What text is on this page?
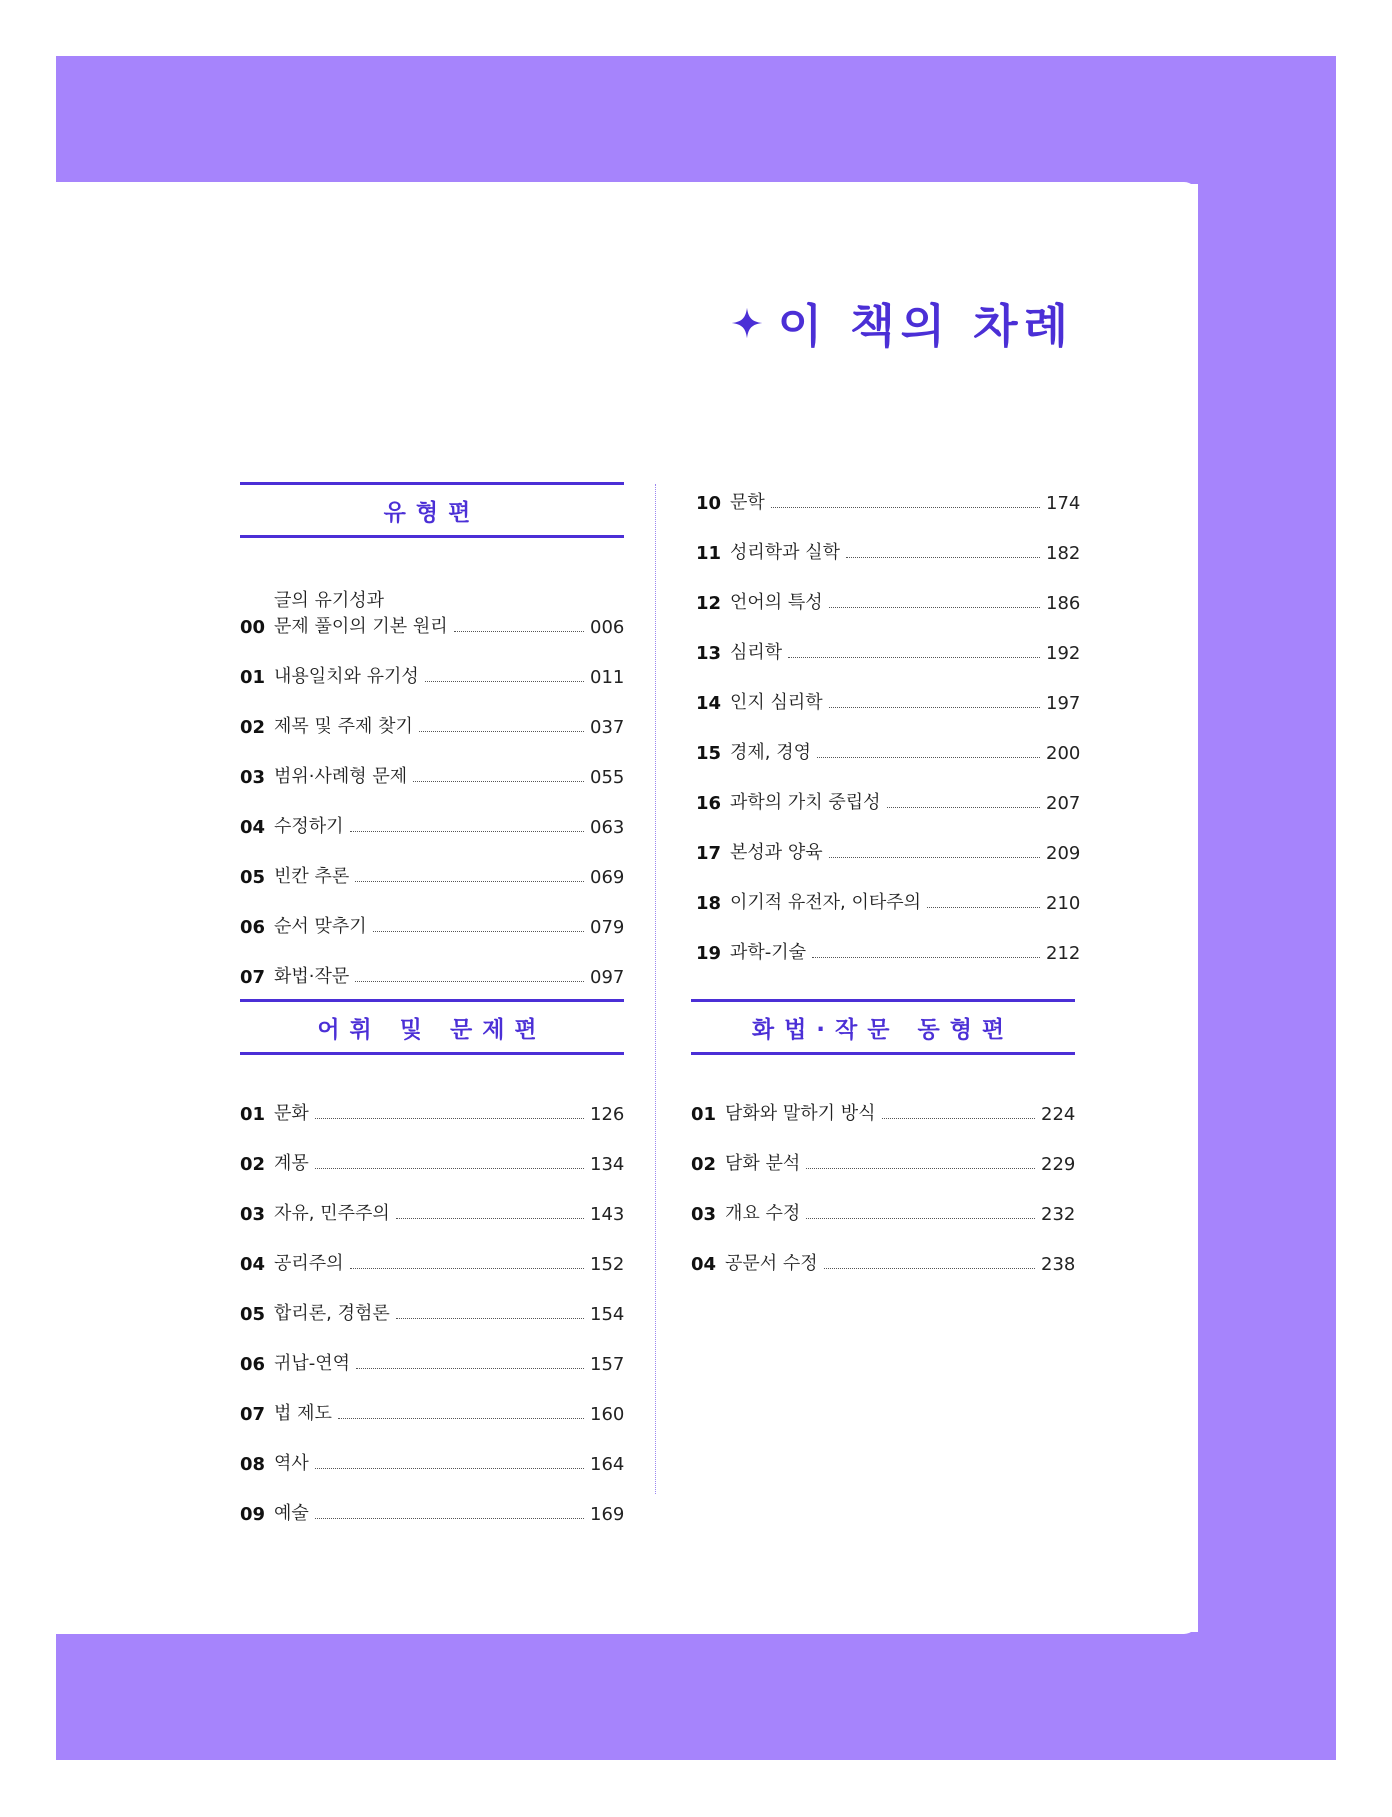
이 책의 차례
유형편
00
글의 유기성과
문제 풀이의 기본 원리	006
01 내용일치와 유기성	011
02 제목 및 주제 찾기	037
03 범위·사례형 문제	055
04 수정하기	063
05 빈칸 추론	069
06 순서 맞추기	079
07 화법·작문	097
어휘 및 문제편
01 문화	126
02 계몽	134
03 자유, 민주주의	143
04 공리주의	152
05 합리론, 경험론	154
06 귀납-연역	157
07 법 제도	160
08 역사	164
09 예술	169
10 문학	174
11 성리학과 실학	182
12 언어의 특성	186
13 심리학	192
14 인지 심리학	197
15 경제, 경영	200
16 과학의 가치 중립성	207
17 본성과 양육	209
18 이기적 유전자, 이타주의	210
19 과학-기술	212
화법·작문 동형편
01 담화와 말하기 방식	224
02 담화 분석	229
03 개요 수정	232
04 공문서 수정	238
